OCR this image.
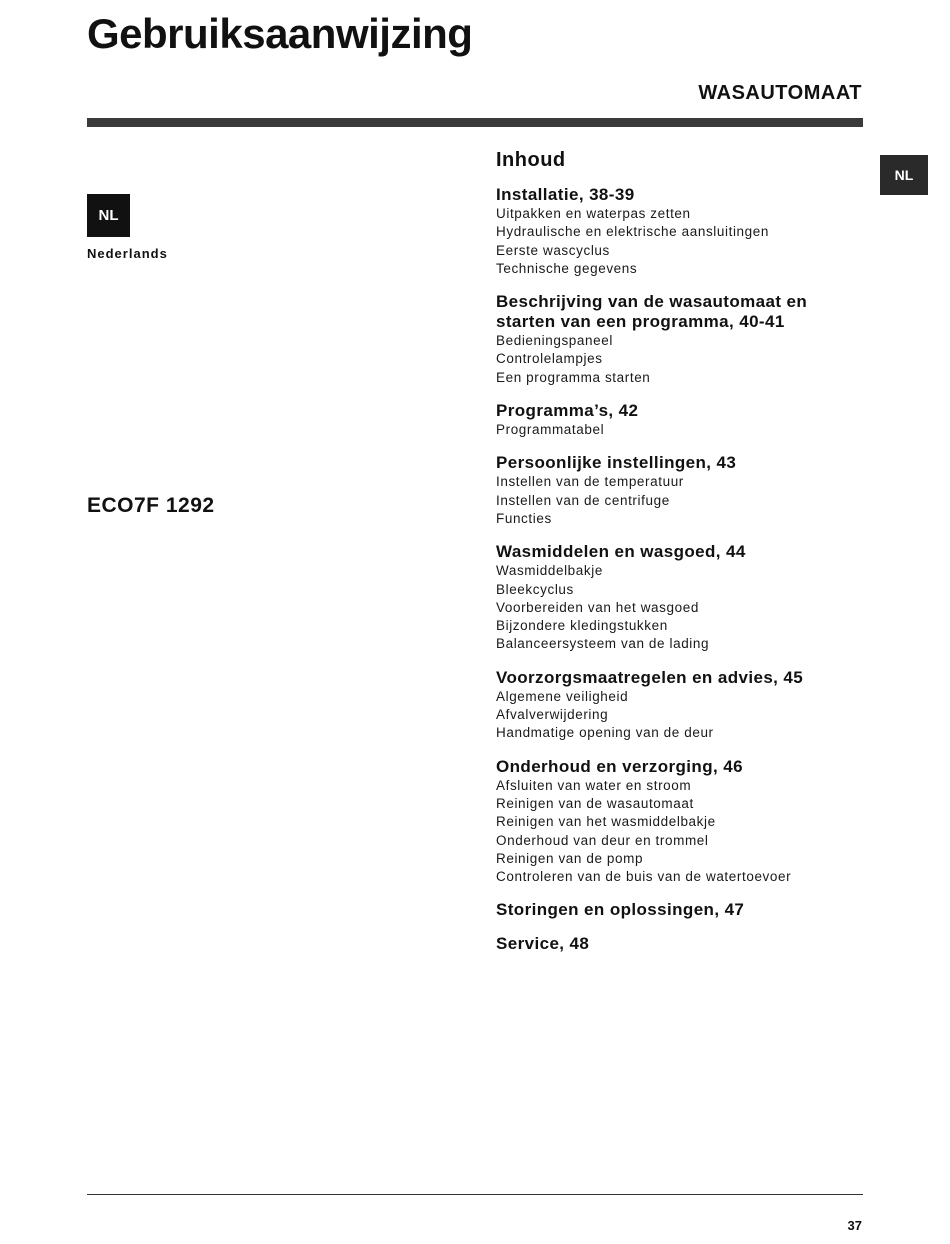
Gebruiksaanwijzing
WASAUTOMAAT
NL
Nederlands
ECO7F 1292
NL
Inhoud
Installatie, 38-39
Uitpakken en waterpas zetten
Hydraulische en elektrische aansluitingen
Eerste wascyclus
Technische gegevens
Beschrijving van de wasautomaat en starten van een programma, 40-41
Bedieningspaneel
Controlelampjes
Een programma starten
Programma’s, 42
Programmatabel
Persoonlijke instellingen, 43
Instellen van de temperatuur
Instellen van de centrifuge
Functies
Wasmiddelen en wasgoed, 44
Wasmiddelbakje
Bleekcyclus
Voorbereiden van het wasgoed
Bijzondere kledingstukken
Balanceersysteem van de lading
Voorzorgsmaatregelen en advies, 45
Algemene veiligheid
Afvalverwijdering
Handmatige opening van de deur
Onderhoud en verzorging, 46
Afsluiten van water en stroom
Reinigen van de wasautomaat
Reinigen van het wasmiddelbakje
Onderhoud van deur en trommel
Reinigen van de pomp
Controleren van de buis van de watertoevoer
Storingen en oplossingen, 47
Service, 48
37
